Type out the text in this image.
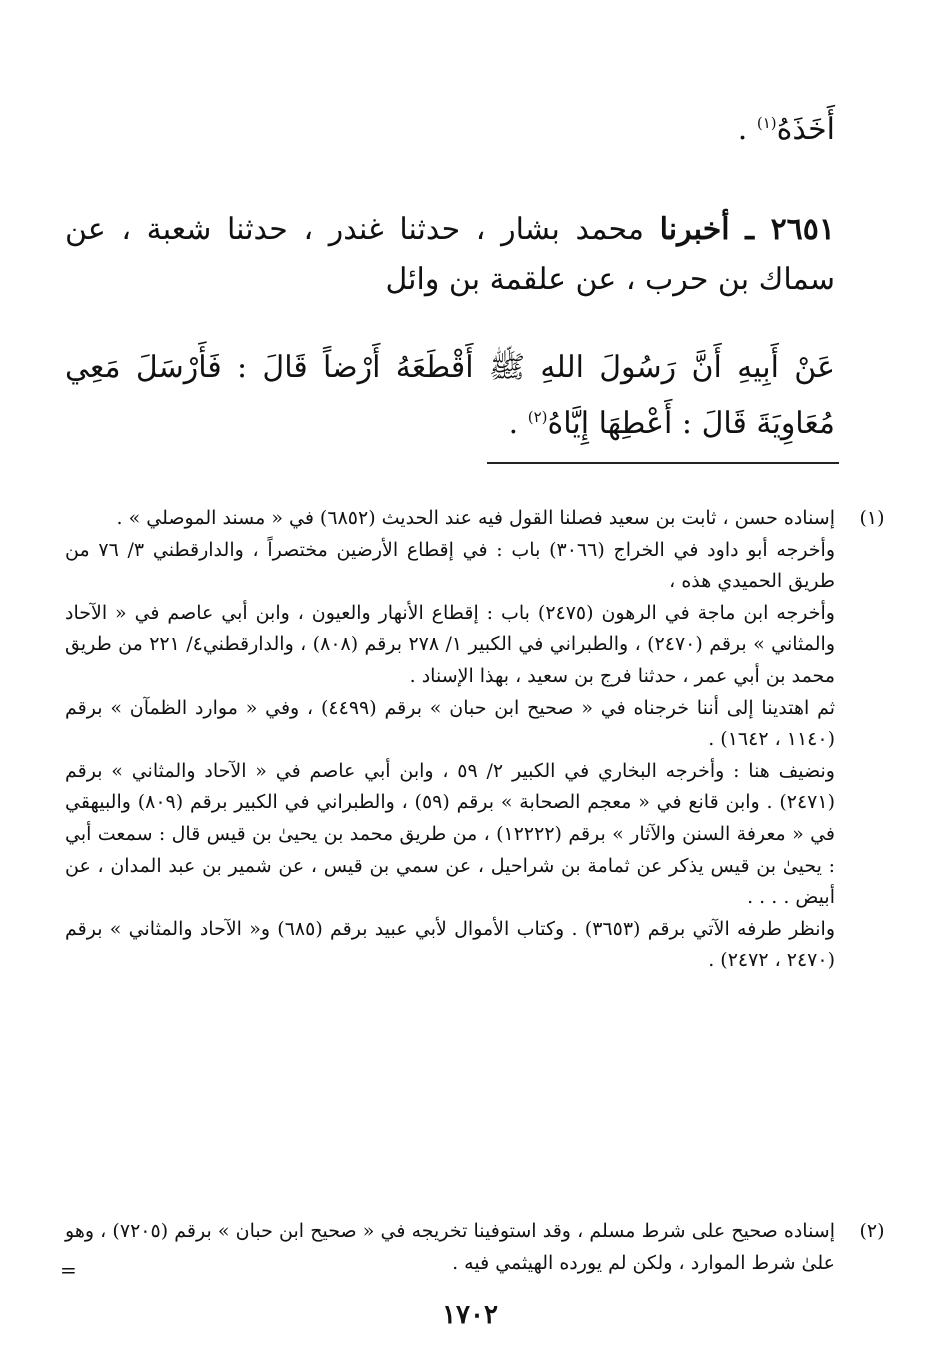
أَخَذَهُ$^{(١)}$ .
٢٦٥١ ـ أخبرنا محمد بشار ، حدثنا غندر ، حدثنا شعبة ، عن سماك بن حرب ، عن علقمة بن وائل
عَنْ أَبِيهِ أَنَّ رَسُولَ اللهِ ﷺ أَقْطَعَهُ أَرْضاً قَالَ : فَأَرْسَلَ مَعِي مُعَاوِيَةَ قَالَ : أَعْطِهَا إِيَّاهُ$^{(٢)}$ .
(١)

إسناده حسن ، ثابت بن سعيد فصلنا القول فيه عند الحديث (٦٨٥٢) في « مسند الموصلي » .

وأخرجه أبو داود في الخراج (٣٠٦٦) باب : في إقطاع الأرضين مختصراً ، والدارقطني ٣/ ٧٦ من طريق الحميدي هذه ،

وأخرجه ابن ماجة في الرهون (٢٤٧٥) باب : إقطاع الأنهار والعيون ، وابن أبي عاصم في « الآحاد والمثاني » برقم (٢٤٧٠) ، والطبراني في الكبير ١/ ٢٧٨ برقم (٨٠٨) ، والدارقطني٤/ ٢٢١ من طريق محمد بن أبي عمر ، حدثنا فرج بن سعيد ، بهذا الإسناد .

ثم اهتدينا إلى أننا خرجناه في « صحيح ابن حبان » برقم (٤٤٩٩) ، وفي « موارد الظمآن » برقم (١١٤٠ ، ١٦٤٢) .

ونضيف هنا : وأخرجه البخاري في الكبير ٢/ ٥٩ ، وابن أبي عاصم في « الآحاد والمثاني » برقم (٢٤٧١) . وابن قانع في « معجم الصحابة » برقم (٥٩) ، والطبراني في الكبير برقم (٨٠٩) والبيهقي في « معرفة السنن والآثار » برقم (١٢٢٢٢) ، من طريق محمد بن يحيىٰ بن قيس قال : سمعت أبي : يحيىٰ بن قيس يذكر عن ثمامة بن شراحيل ، عن سمي بن قيس ، عن شمير بن عبد المدان ، عن أبيض . . . .

وانظر طرفه الآتي برقم (٣٦٥٣) . وكتاب الأموال لأبي عبيد برقم (٦٨٥) و« الآحاد والمثاني » برقم (٢٤٧٠ ، ٢٤٧٢) .

(٢)

إسناده صحيح على شرط مسلم ، وقد استوفينا تخريجه في « صحيح ابن حبان » برقم (٧٢٠٥) ، وهو علىٰ شرط الموارد ، ولكن لم يورده الهيثمي فيه .

=
١٧٠٢
